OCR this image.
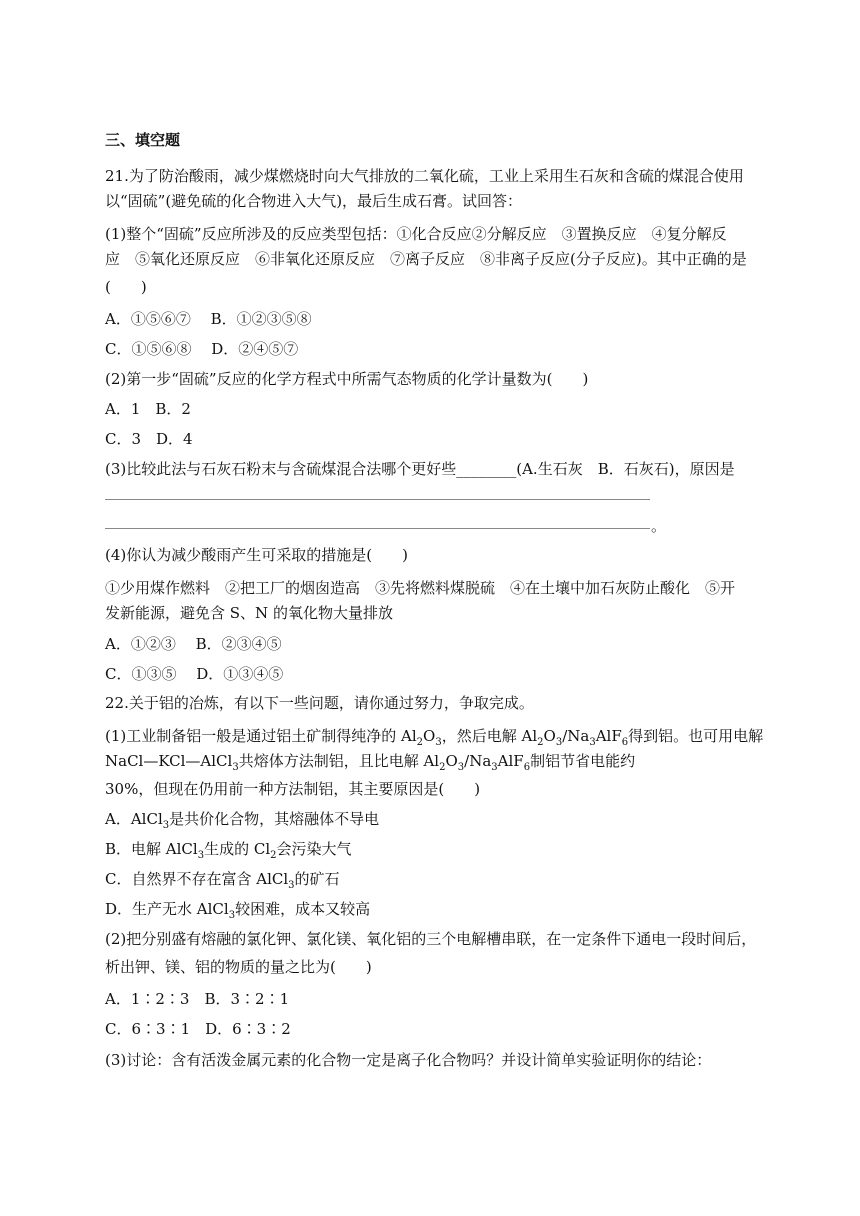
三、填空题
21.为了防治酸雨，减少煤燃烧时向大气排放的二氧化硫，工业上采用生石灰和含硫的煤混合使用
以“固硫”(避免硫的化合物进入大气)，最后生成石膏。试回答：
(1)整个“固硫”反应所涉及的反应类型包括：①化合反应②分解反应　③置换反应　④复分解反
应　⑤氧化还原反应　⑥非氧化还原反应　⑦离子反应　⑧非离子反应(分子反应)。其中正确的是
(　　)
A．①⑤⑥⑦　 B．①②③⑤⑧
C．①⑤⑥⑧　 D．②④⑤⑦
(2)第一步“固硫”反应的化学方程式中所需气态物质的化学计量数为(　　)
A．1　B．2
C．3　D．4
(3)比较此法与石灰石粉末与含硫煤混合法哪个更好些________(A.生石灰　B．石灰石)，原因是
。
(4)你认为减少酸雨产生可采取的措施是(　　)
①少用煤作燃料　②把工厂的烟囱造高　③先将燃料煤脱硫　④在土壤中加石灰防止酸化　⑤开
发新能源，避免含 S、N 的氧化物大量排放
A．①②③　 B．②③④⑤
C．①③⑤　 D．①③④⑤
22.关于铝的冶炼，有以下一些问题，请你通过努力，争取完成。
(1)工业制备铝一般是通过铝土矿制得纯净的 $Al_2O_3$，然后电解 $Al_2O_3/Na_3AlF_6$得到铝。也可用电解
NaCl—KCl—AlCl$_3$共熔体方法制铝，且比电解 $Al_2O_3/Na_3AlF_6$制铝节省电能约
30%，但现在仍用前一种方法制铝，其主要原因是(　　)
A．AlCl$_3$是共价化合物，其熔融体不导电
B．电解 AlCl$_3$生成的 $Cl_2$会污染大气
C．自然界不存在富含 AlCl$_3$的矿石
D．生产无水 AlCl$_3$较困难，成本又较高
(2)把分别盛有熔融的氯化钾、氯化镁、氧化铝的三个电解槽串联，在一定条件下通电一段时间后，
析出钾、镁、铝的物质的量之比为(　　)
A．1∶2∶3　B．3∶2∶1
C．6∶3∶1　D．6∶3∶2
(3)讨论：含有活泼金属元素的化合物一定是离子化合物吗？并设计简单实验证明你的结论：
